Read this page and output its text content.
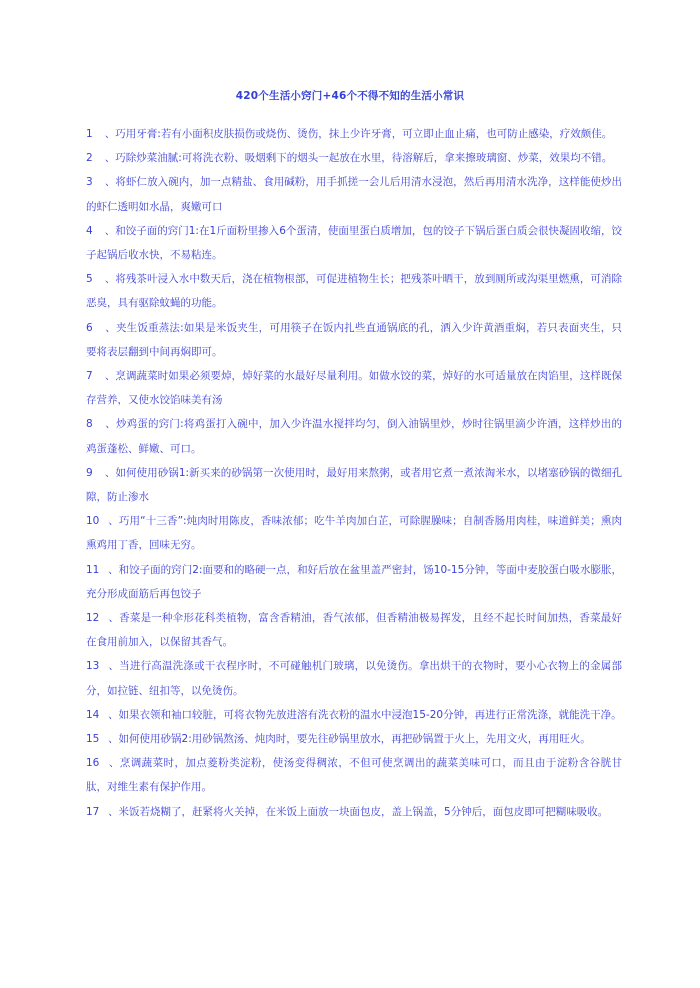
420个生活小窍门+46个不得不知的生活小常识

1 、巧用牙膏:若有小面积皮肤损伤或烧伤、烫伤，抹上少许牙膏，可立即止血止痛，也可防止感染，疗效颇佳。

2 、巧除炒菜油腻:可将洗衣粉、吸烟剩下的烟头一起放在水里，待溶解后，拿来擦玻璃窗、炒菜，效果均不错。

3 、将虾仁放入碗内，加一点精盐、食用碱粉，用手抓搓一会儿后用清水浸泡，然后再用清水洗净，这样能使炒出的虾仁透明如水晶，爽嫩可口

4 、和饺子面的窍门1:在1斤面粉里掺入6个蛋清，使面里蛋白质增加，包的饺子下锅后蛋白质会很快凝固收缩，饺子起锅后收水快，不易粘连。

5 、将残茶叶浸入水中数天后，浇在植物根部，可促进植物生长；把残茶叶晒干，放到厕所或沟渠里燃熏，可消除恶臭，具有驱除蚊蝇的功能。

6 、夹生饭重蒸法:如果是米饭夹生，可用筷子在饭内扎些直通锅底的孔，洒入少许黄酒重焖，若只表面夹生，只要将表层翻到中间再焖即可。

7 、烹调蔬菜时如果必须要焯，焯好菜的水最好尽量利用。如做水饺的菜，焯好的水可适量放在肉馅里，这样既保存营养，又使水饺馅味美有汤

8 、炒鸡蛋的窍门:将鸡蛋打入碗中，加入少许温水搅拌均匀，倒入油锅里炒，炒时往锅里滴少许酒，这样炒出的鸡蛋蓬松、鲜嫩、可口。

9 、如何使用砂锅1:新买来的砂锅第一次使用时，最好用来熬粥，或者用它煮一煮浓淘米水，以堵塞砂锅的微细孔隙，防止渗水

10 、巧用“十三香”:炖肉时用陈皮，香味浓郁；吃牛羊肉加白芷，可除腥臊味；自制香肠用肉桂，味道鲜美；熏肉熏鸡用丁香，回味无穷。

11 、和饺子面的窍门2:面要和的略硬一点，和好后放在盆里盖严密封，饧10-15分钟，等面中麦胶蛋白吸水膨胀，充分形成面筋后再包饺子

12 、香菜是一种伞形花科类植物，富含香精油，香气浓郁，但香精油极易挥发，且经不起长时间加热，香菜最好在食用前加入，以保留其香气。

13 、当进行高温洗涤或干衣程序时，不可碰触机门玻璃，以免烫伤。拿出烘干的衣物时，要小心衣物上的金属部分，如拉链、纽扣等，以免烫伤。

14 、如果衣领和袖口较脏，可将衣物先放进溶有洗衣粉的温水中浸泡15-20分钟，再进行正常洗涤，就能洗干净。

15 、如何使用砂锅2:用砂锅熬汤、炖肉时，要先往砂锅里放水，再把砂锅置于火上，先用文火，再用旺火。

16 、烹调蔬菜时，加点菱粉类淀粉，使汤变得稠浓，不但可使烹调出的蔬菜美味可口，而且由于淀粉含谷胱甘肽，对维生素有保护作用。

17 、米饭若烧糊了，赶紧将火关掉，在米饭上面放一块面包皮，盖上锅盖，5分钟后，面包皮即可把糊味吸收。
